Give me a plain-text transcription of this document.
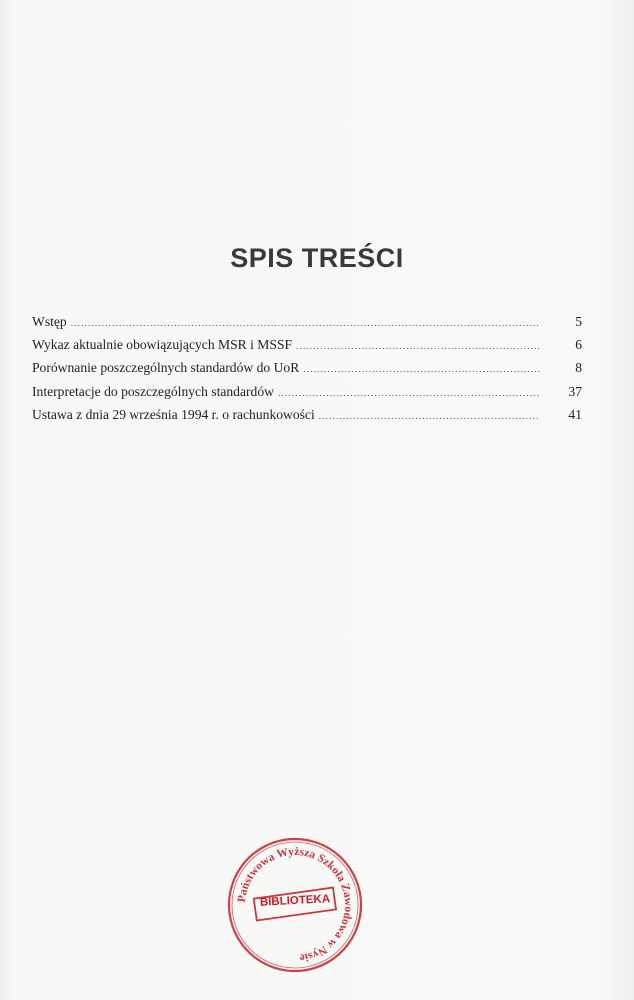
SPIS TREŚCI
Wstęp .....	5
Wykaz aktualnie obowiązujących MSR i MSSF .....	6
Porównanie poszczególnych standardów do UoR .....	8
Interpretacje do poszczególnych standardów .....	37
Ustawa z dnia 29 września 1994 r. o rachunkowości .....	41
Państwowa Wyższa Szkoła Zawodowa w Nysie
BIBLIOTEKA
